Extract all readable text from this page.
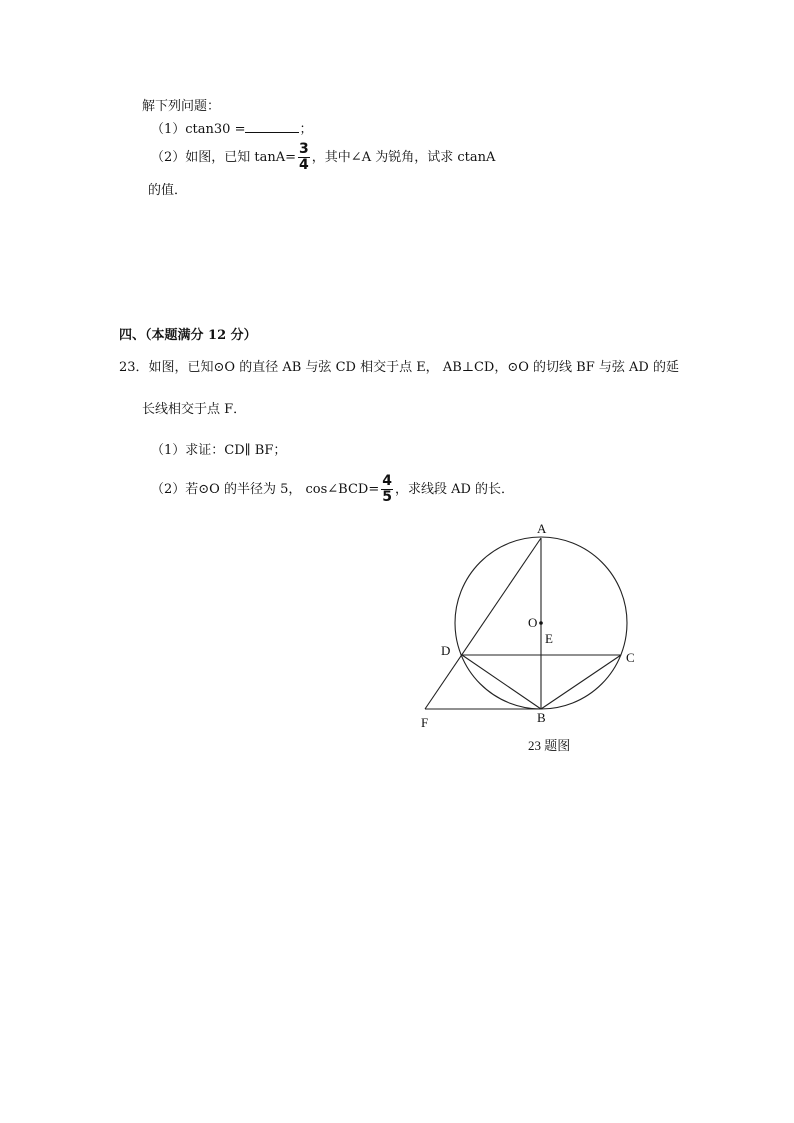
解下列问题：
（1）ctan30 =	；
（2）如图，已知 $\tan A= \frac{3}{4}$ ，其中∠A 为锐角，试求 ctanA
的值．
四、（本题满分 12 分）
23．如图，已知⊙O 的直径 AB 与弦 CD 相交于点 E， AB⊥CD，⊙O 的切线 BF 与弦 AD 的延
长线相交于点 F．
（1）求证：CD∥ BF；
（2）若⊙O 的半径为 5， cos∠BCD= $\frac{4}{5}$ ，求线段 AD 的长．
A
O
E
D	C
B
F
23 题图
